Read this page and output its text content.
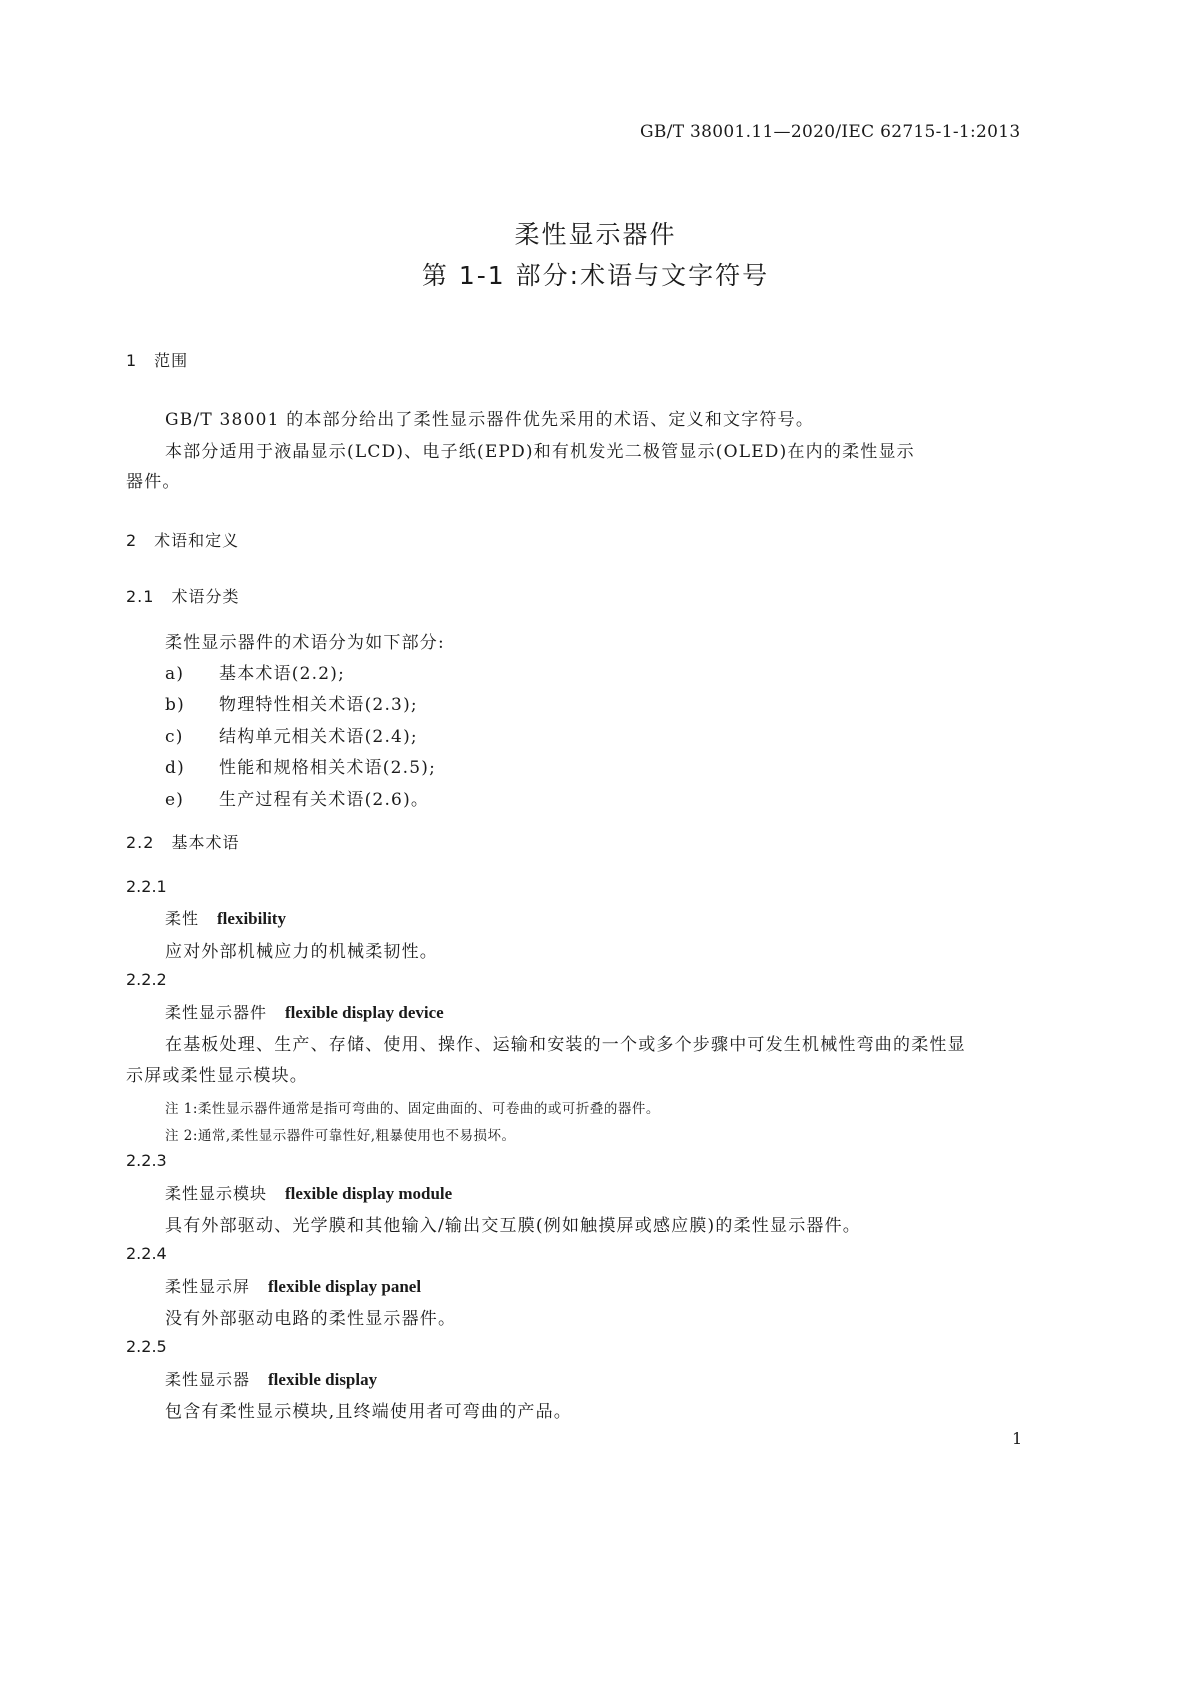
GB/T 38001.11—2020/IEC 62715-1-1:2013
柔性显示器件
第 1-1 部分:术语与文字符号
1　范围
GB/T 38001 的本部分给出了柔性显示器件优先采用的术语、定义和文字符号。
本部分适用于液晶显示(LCD)、电子纸(EPD)和有机发光二极管显示(OLED)在内的柔性显示
器件。
2　术语和定义
2.1　术语分类
柔性显示器件的术语分为如下部分:
a) 基本术语(2.2);
b) 物理特性相关术语(2.3);
c) 结构单元相关术语(2.4);
d) 性能和规格相关术语(2.5);
e) 生产过程有关术语(2.6)。
2.2　基本术语
2.2.1
柔性 flexibility
应对外部机械应力的机械柔韧性。
2.2.2
柔性显示器件 flexible display device
在基板处理、生产、存储、使用、操作、运输和安装的一个或多个步骤中可发生机械性弯曲的柔性显
示屏或柔性显示模块。
注 1:柔性显示器件通常是指可弯曲的、固定曲面的、可卷曲的或可折叠的器件。
注 2:通常,柔性显示器件可靠性好,粗暴使用也不易损坏。
2.2.3
柔性显示模块 flexible display module
具有外部驱动、光学膜和其他输入/输出交互膜(例如触摸屏或感应膜)的柔性显示器件。
2.2.4
柔性显示屏 flexible display panel
没有外部驱动电路的柔性显示器件。
2.2.5
柔性显示器 flexible display
包含有柔性显示模块,且终端使用者可弯曲的产品。
1
